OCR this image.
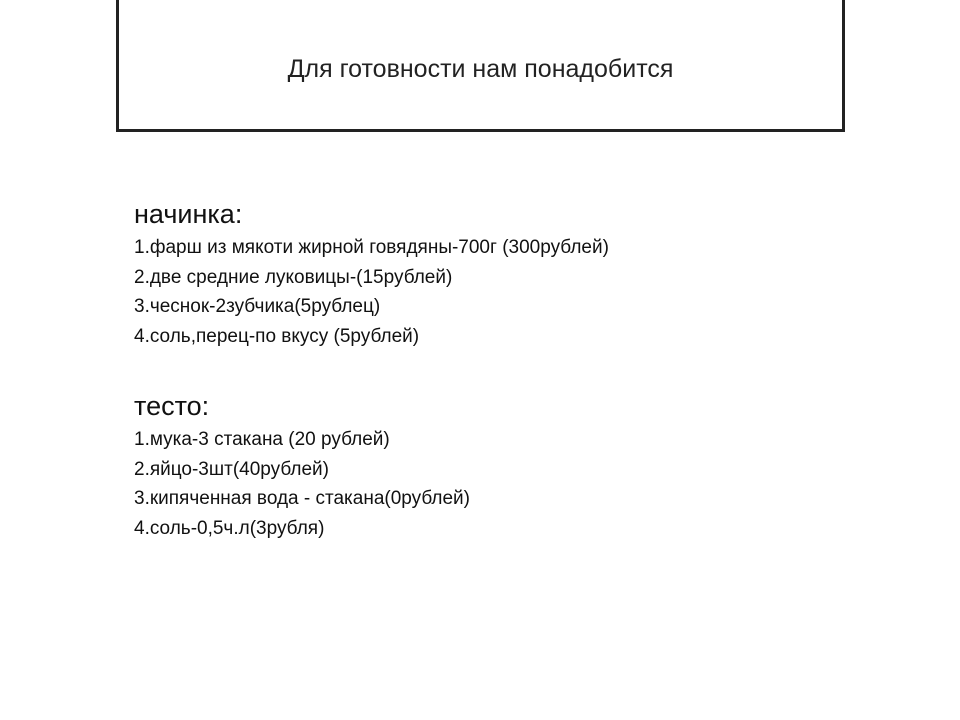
Для готовности нам понадобится
начинка:
1.фарш из мякоти жирной говядяны-700г (300рублей)
2.две средние луковицы-(15рублей)
3.чеснок-2зубчика(5рублец)
4.соль,перец-по вкусу (5рублей)
тесто:
1.мука-3 стакана (20 рублей)
2.яйцо-3шт(40рублей)
3.кипяченная вода - стакана(0рублей)
4.соль-0,5ч.л(3рубля)
